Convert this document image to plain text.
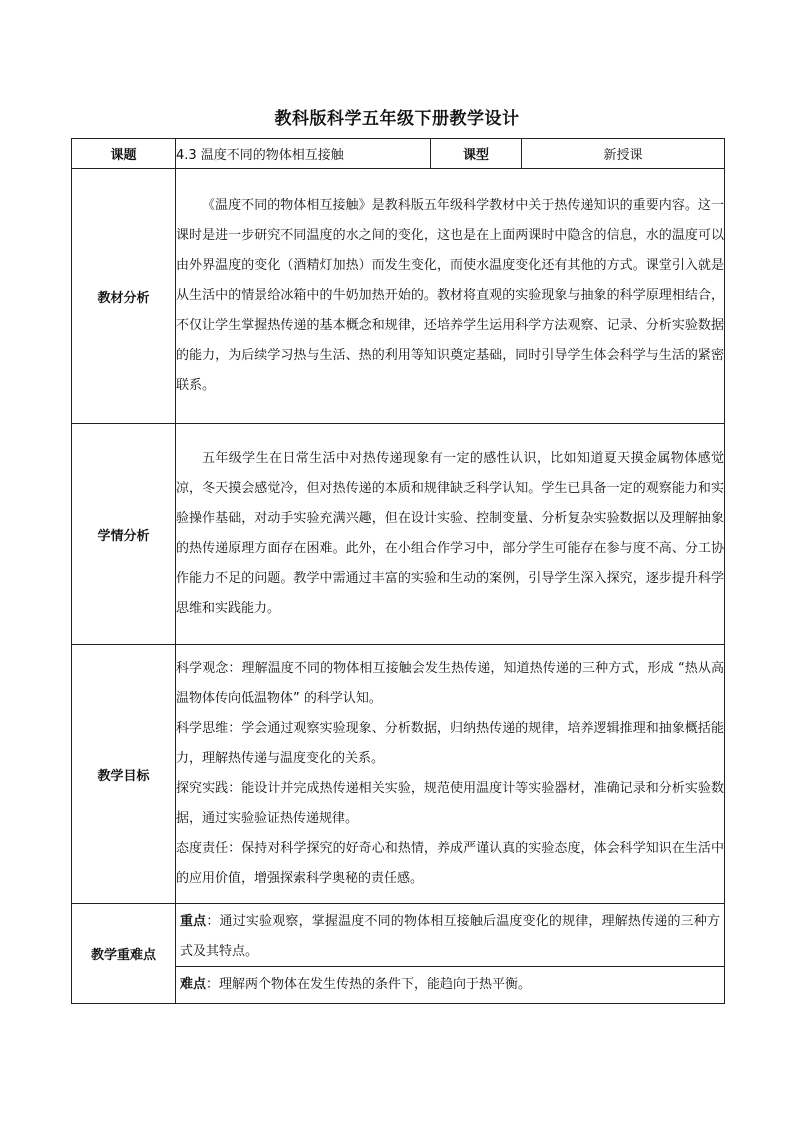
教科版科学五年级下册教学设计
课题	4.3 温度不同的物体相互接触	课型	新授课
教材分析	《温度不同的物体相互接触》是教科版五年级科学教材中关于热传递知识的重要内容。这一课时是进一步研究不同温度的水之间的变化，这也是在上面两课时中隐含的信息，水的温度可以由外界温度的变化（酒精灯加热）而发生变化，而使水温度变化还有其他的方式。课堂引入就是从生活中的情景给冰箱中的牛奶加热开始的。教材将直观的实验现象与抽象的科学原理相结合，不仅让学生掌握热传递的基本概念和规律，还培养学生运用科学方法观察、记录、分析实验数据的能力，为后续学习热与生活、热的利用等知识奠定基础，同时引导学生体会科学与生活的紧密联系。		
学情分析	五年级学生在日常生活中对热传递现象有一定的感性认识，比如知道夏天摸金属物体感觉凉，冬天摸会感觉冷，但对热传递的本质和规律缺乏科学认知。学生已具备一定的观察能力和实验操作基础，对动手实验充满兴趣，但在设计实验、控制变量、分析复杂实验数据以及理解抽象的热传递原理方面存在困难。此外，在小组合作学习中，部分学生可能存在参与度不高、分工协作能力不足的问题。教学中需通过丰富的实验和生动的案例，引导学生深入探究，逐步提升科学思维和实践能力。		
教学目标	科学观念：理解温度不同的物体相互接触会发生热传递，知道热传递的三种方式，形成 “热从高温物体传向低温物体” 的科学认知。
科学思维：学会通过观察实验现象、分析数据，归纳热传递的规律，培养逻辑推理和抽象概括能力，理解热传递与温度变化的关系。
探究实践：能设计并完成热传递相关实验，规范使用温度计等实验器材，准确记录和分析实验数据，通过实验验证热传递规律。
态度责任：保持对科学探究的好奇心和热情，养成严谨认真的实验态度，体会科学知识在生活中的应用价值，增强探索科学奥秘的责任感。		

教学重难点	重点：通过实验观察，掌握温度不同的物体相互接触后温度变化的规律，理解热传递的三种方式及其特点。
难点：理解两个物体在发生传热的条件下，能趋向于热平衡。		
